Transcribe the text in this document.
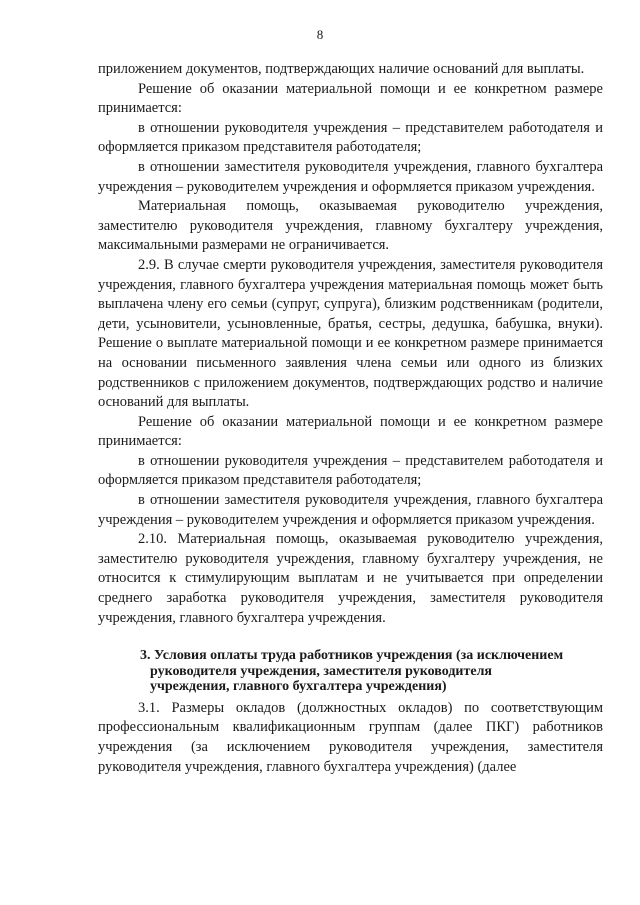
8

приложением документов, подтверждающих наличие оснований для выплаты.

Решение об оказании материальной помощи и ее конкретном размере принимается:

в отношении руководителя учреждения – представителем работодателя и оформляется приказом представителя работодателя;

в отношении заместителя руководителя учреждения, главного бухгалтера учреждения – руководителем учреждения и оформляется приказом учреждения.

Материальная помощь, оказываемая руководителю учреждения, заместителю руководителя учреждения, главному бухгалтеру учреждения, максимальными размерами не ограничивается.

2.9. В случае смерти руководителя учреждения, заместителя руководителя учреждения, главного бухгалтера учреждения материальная помощь может быть выплачена члену его семьи (супруг, супруга), близким родственникам (родители, дети, усыновители, усыновленные, братья, сестры, дедушка, бабушка, внуки). Решение о выплате материальной помощи и ее конкретном размере принимается на основании письменного заявления члена семьи или одного из близких родственников с приложением документов, подтверждающих родство и наличие оснований для выплаты.

Решение об оказании материальной помощи и ее конкретном размере принимается:

в отношении руководителя учреждения – представителем работодателя и оформляется приказом представителя работодателя;

в отношении заместителя руководителя учреждения, главного бухгалтера учреждения – руководителем учреждения и оформляется приказом учреждения.

2.10. Материальная помощь, оказываемая руководителю учреждения, заместителю руководителя учреждения, главному бухгалтеру учреждения, не относится к стимулирующим выплатам и не учитывается при определении среднего заработка руководителя учреждения, заместителя руководителя учреждения, главного бухгалтера учреждения.

3. Условия оплаты труда работников учреждения (за исключением
руководителя учреждения, заместителя руководителя
учреждения, главного бухгалтера учреждения)

3.1. Размеры окладов (должностных окладов) по соответствующим профессиональным квалификационным группам (далее ПКГ) работников учреждения (за исключением руководителя учреждения, заместителя руководителя учреждения, главного бухгалтера учреждения) (далее
